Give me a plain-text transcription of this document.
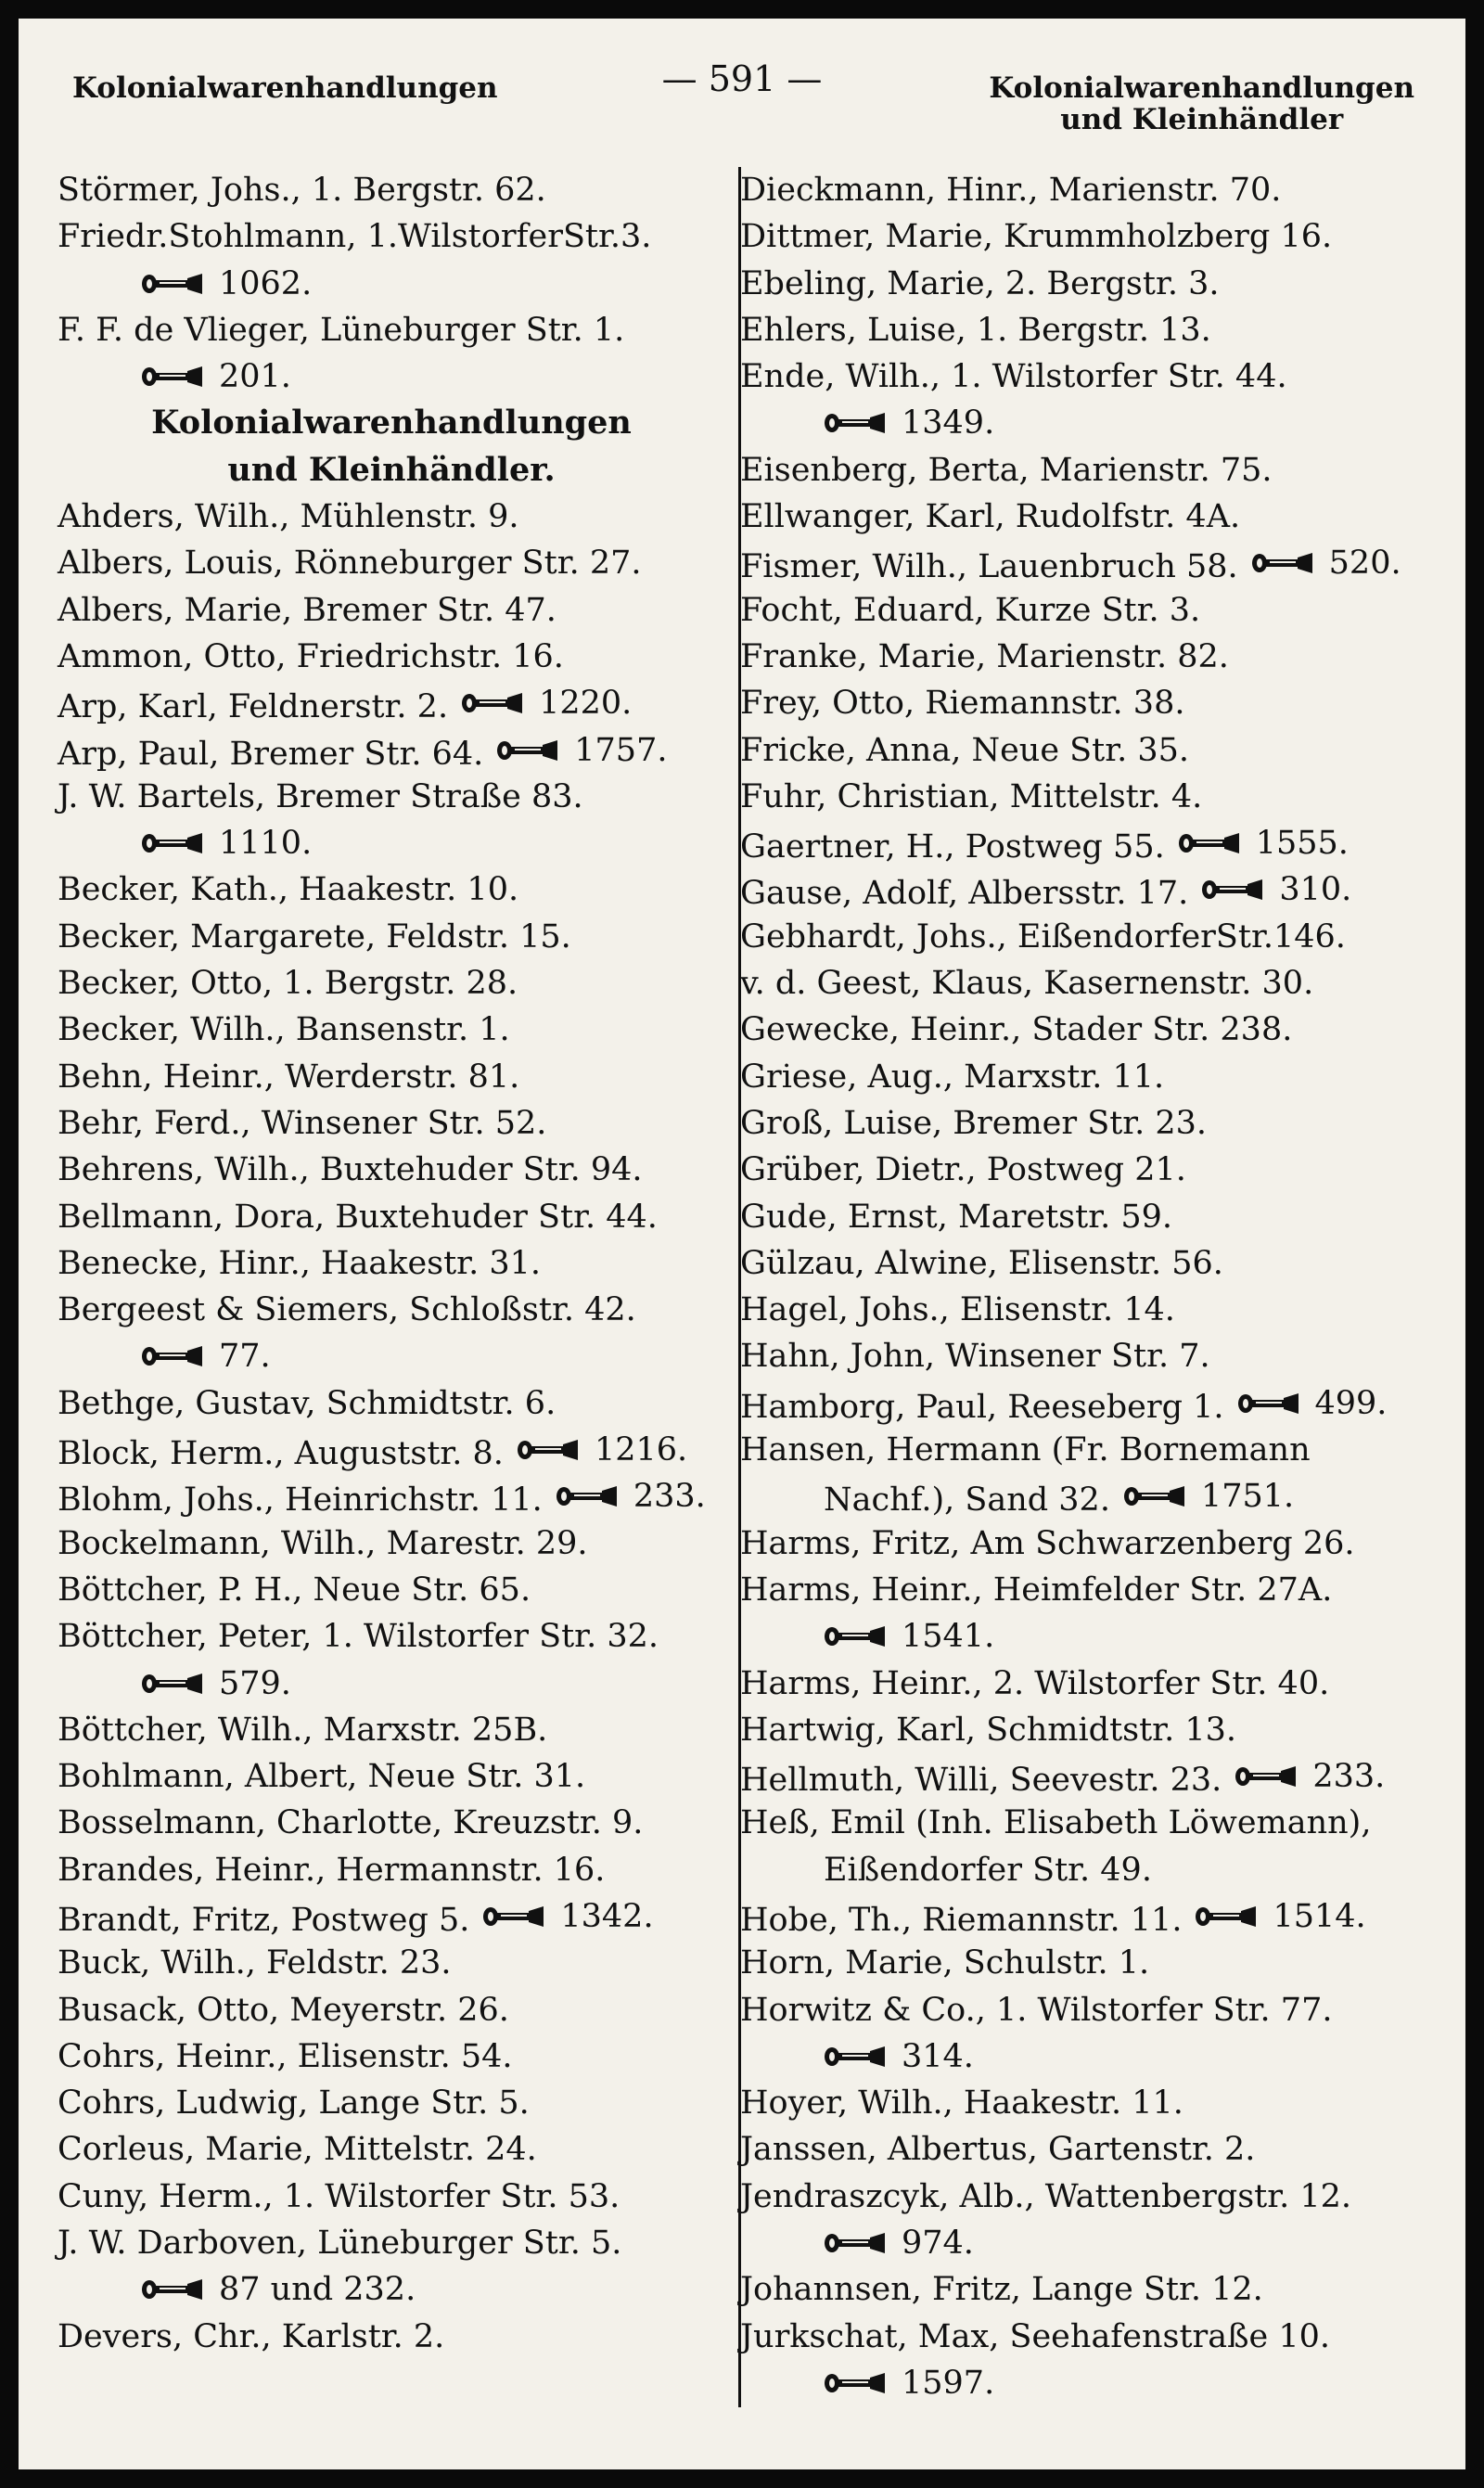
Kolonialwarenhandlungen	— 591 —	Kolonialwarenhandlungen
und Kleinhändler
Störmer, Johs., 1. Bergstr. 62.
Friedr.Stohlmann, 1.WilstorferStr.3.
1062.
F. F. de Vlieger, Lüneburger Str. 1.
201.
Kolonialwarenhandlungen
und Kleinhändler.
Ahders, Wilh., Mühlenstr. 9.
Albers, Louis, Rönneburger Str. 27.
Albers, Marie, Bremer Str. 47.
Ammon, Otto, Friedrichstr. 16.
Arp, Karl, Feldnerstr. 2.	1220.
Arp, Paul, Bremer Str. 64.	1757.
J. W. Bartels, Bremer Straße 83.
1110.
Becker, Kath., Haakestr. 10.
Becker, Margarete, Feldstr. 15.
Becker, Otto, 1. Bergstr. 28.
Becker, Wilh., Bansenstr. 1.
Behn, Heinr., Werderstr. 81.
Behr, Ferd., Winsener Str. 52.
Behrens, Wilh., Buxtehuder Str. 94.
Bellmann, Dora, Buxtehuder Str. 44.
Benecke, Hinr., Haakestr. 31.
Bergeest & Siemers, Schloßstr. 42.
77.
Bethge, Gustav, Schmidtstr. 6.
Block, Herm., Auguststr. 8.	1216.
Blohm, Johs., Heinrichstr. 11.	233.
Bockelmann, Wilh., Marestr. 29.
Böttcher, P. H., Neue Str. 65.
Böttcher, Peter, 1. Wilstorfer Str. 32.
579.
Böttcher, Wilh., Marxstr. 25B.
Bohlmann, Albert, Neue Str. 31.
Bosselmann, Charlotte, Kreuzstr. 9.
Brandes, Heinr., Hermannstr. 16.
Brandt, Fritz, Postweg 5.	1342.
Buck, Wilh., Feldstr. 23.
Busack, Otto, Meyerstr. 26.
Cohrs, Heinr., Elisenstr. 54.
Cohrs, Ludwig, Lange Str. 5.
Corleus, Marie, Mittelstr. 24.
Cuny, Herm., 1. Wilstorfer Str. 53.
J. W. Darboven, Lüneburger Str. 5.
87 und 232.
Devers, Chr., Karlstr. 2.
Dieckmann, Hinr., Marienstr. 70.
Dittmer, Marie, Krummholzberg 16.
Ebeling, Marie, 2. Bergstr. 3.
Ehlers, Luise, 1. Bergstr. 13.
Ende, Wilh., 1. Wilstorfer Str. 44.
1349.
Eisenberg, Berta, Marienstr. 75.
Ellwanger, Karl, Rudolfstr. 4A.
Fismer, Wilh., Lauenbruch 58.	520.
Focht, Eduard, Kurze Str. 3.
Franke, Marie, Marienstr. 82.
Frey, Otto, Riemannstr. 38.
Fricke, Anna, Neue Str. 35.
Fuhr, Christian, Mittelstr. 4.
Gaertner, H., Postweg 55.	1555.
Gause, Adolf, Albersstr. 17.	310.
Gebhardt, Johs., EißendorferStr.146.
v. d. Geest, Klaus, Kasernenstr. 30.
Gewecke, Heinr., Stader Str. 238.
Griese, Aug., Marxstr. 11.
Groß, Luise, Bremer Str. 23.
Grüber, Dietr., Postweg 21.
Gude, Ernst, Maretstr. 59.
Gülzau, Alwine, Elisenstr. 56.
Hagel, Johs., Elisenstr. 14.
Hahn, John, Winsener Str. 7.
Hamborg, Paul, Reeseberg 1.	499.
Hansen, Hermann (Fr. Bornemann
Nachf.), Sand 32.	1751.
Harms, Fritz, Am Schwarzenberg 26.
Harms, Heinr., Heimfelder Str. 27A.
1541.
Harms, Heinr., 2. Wilstorfer Str. 40.
Hartwig, Karl, Schmidtstr. 13.
Hellmuth, Willi, Seevestr. 23.	233.
Heß, Emil (Inh. Elisabeth Löwemann),
Eißendorfer Str. 49.
Hobe, Th., Riemannstr. 11.	1514.
Horn, Marie, Schulstr. 1.
Horwitz & Co., 1. Wilstorfer Str. 77.
314.
Hoyer, Wilh., Haakestr. 11.
Janssen, Albertus, Gartenstr. 2.
Jendraszcyk, Alb., Wattenbergstr. 12.
974.
Johannsen, Fritz, Lange Str. 12.
Jurkschat, Max, Seehafenstraße 10.
1597.
